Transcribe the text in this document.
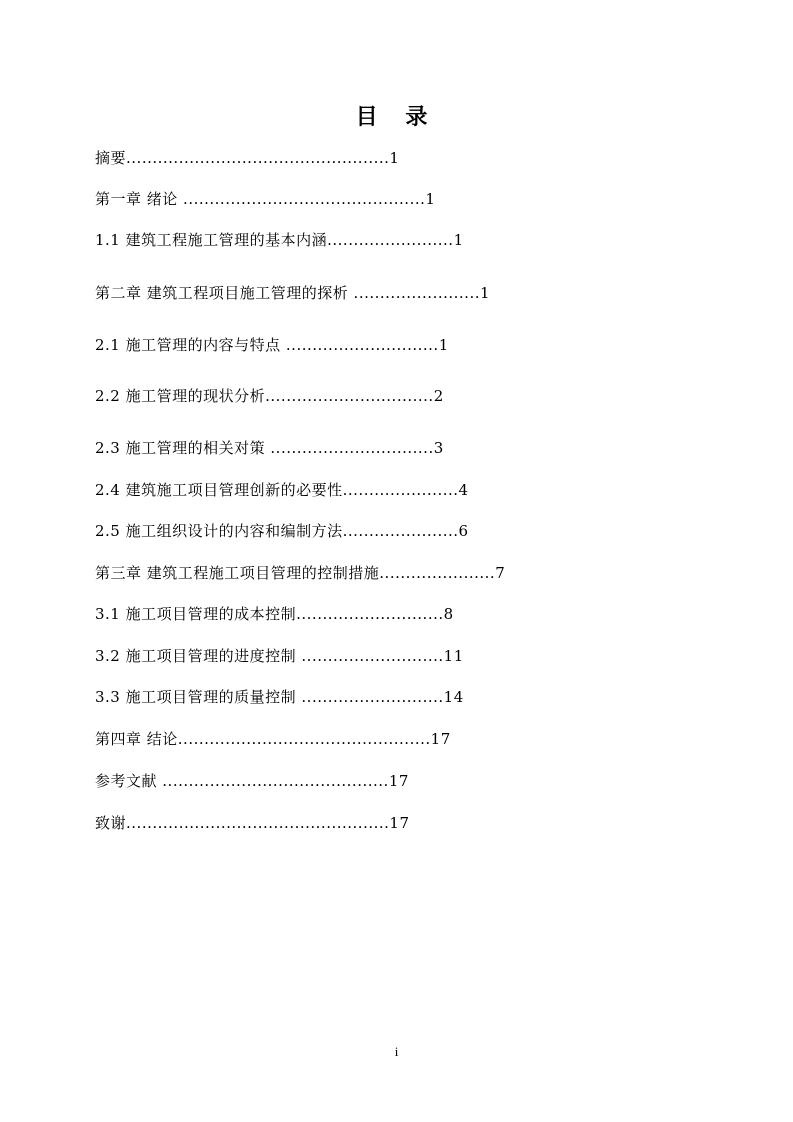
目 录
摘要..................................................1
第一章 绪论 ..............................................1
1.1 建筑工程施工管理的基本内涵........................1
第二章 建筑工程项目施工管理的探析 ........................1
2.1 施工管理的内容与特点 .............................1
2.2 施工管理的现状分析................................2
2.3 施工管理的相关对策 ...............................3
2.4 建筑施工项目管理创新的必要性......................4
2.5 施工组织设计的内容和编制方法......................6
第三章 建筑工程施工项目管理的控制措施......................7
3.1 施工项目管理的成本控制............................8
3.2 施工项目管理的进度控制 ...........................11
3.3 施工项目管理的质量控制 ...........................14
第四章 结论................................................17
参考文献 ...........................................17
致谢..................................................17
i
